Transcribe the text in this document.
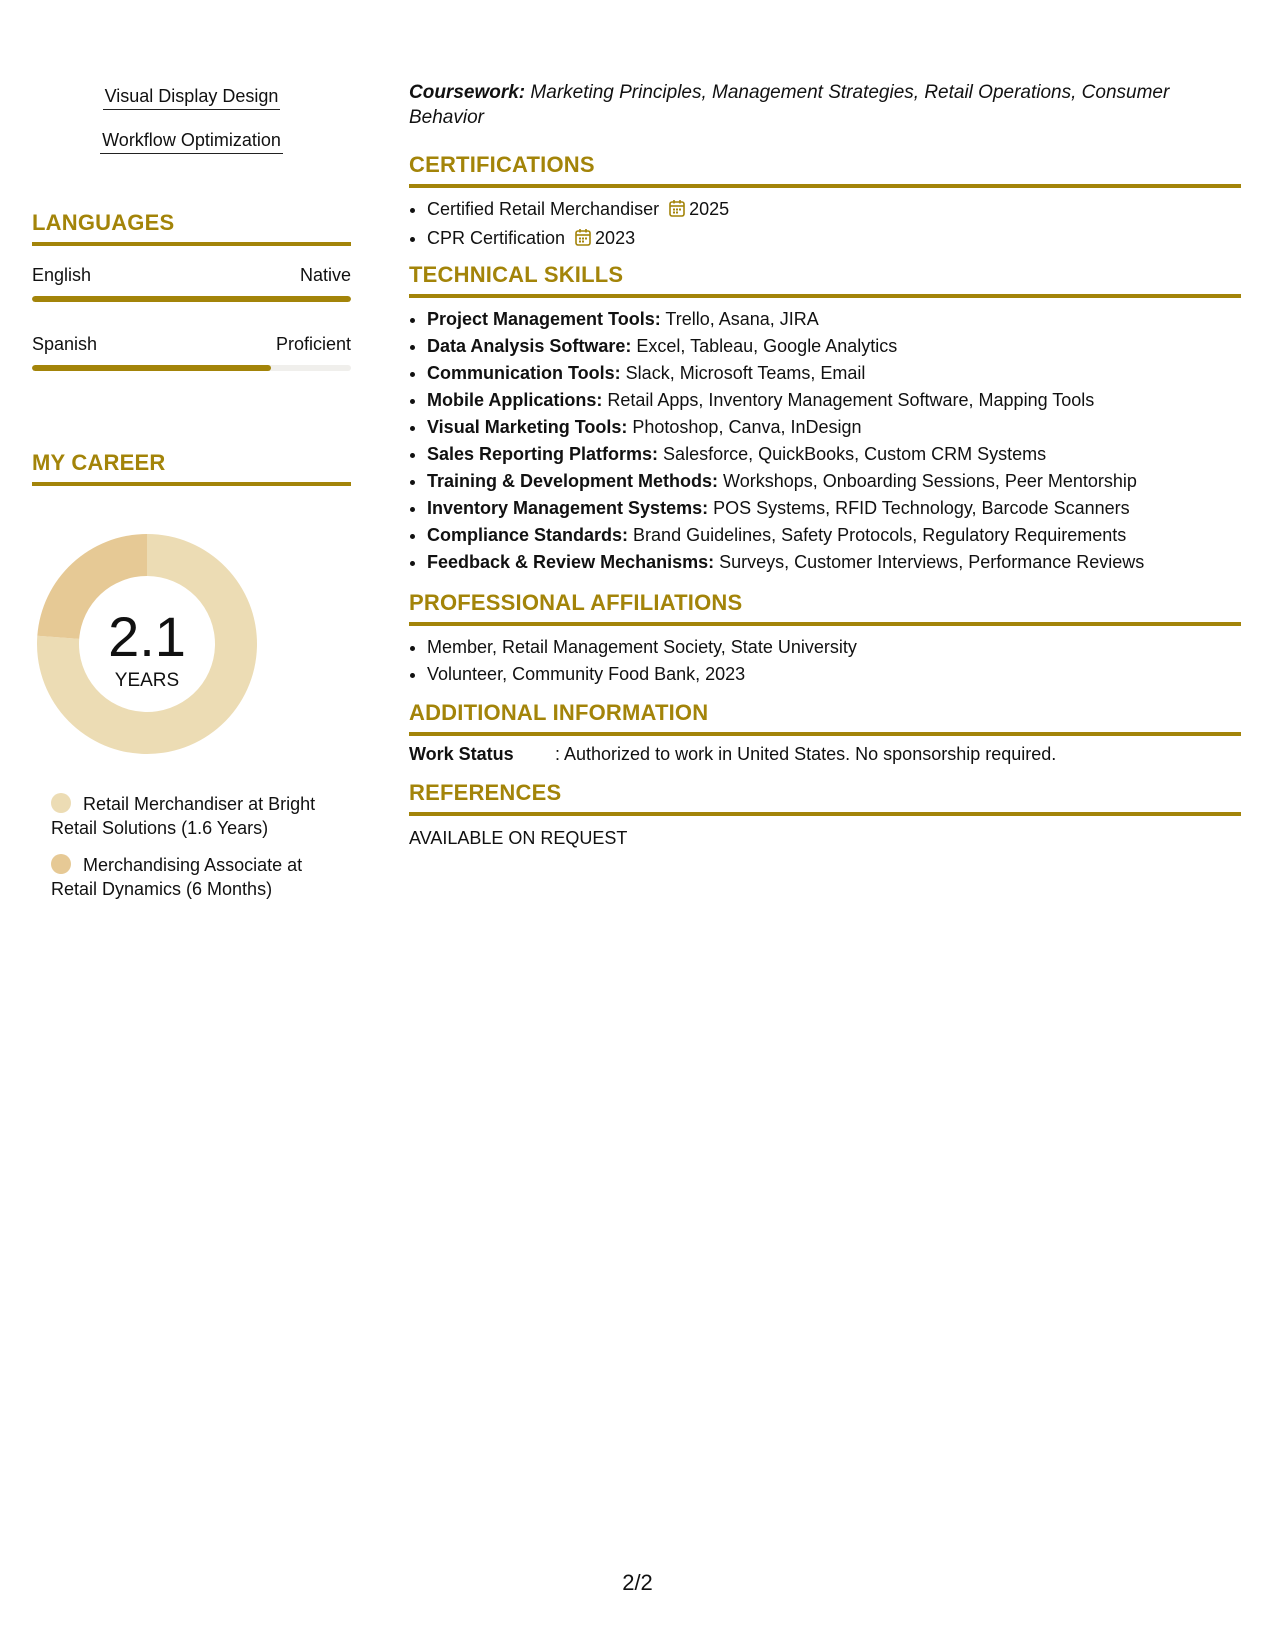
Visual Display Design
Workflow Optimization
LANGUAGES
English	Native
Spanish	Proficient
MY CAREER
2.1
YEARS
Retail Merchandiser at Bright Retail Solutions (1.6 Years)
Merchandising Associate at Retail Dynamics (6 Months)
Coursework: Marketing Principles, Management Strategies, Retail Operations, Consumer Behavior
CERTIFICATIONS
• Certified Retail Merchandiser 2025
• CPR Certification 2023
TECHNICAL SKILLS
• Project Management Tools: Trello, Asana, JIRA
• Data Analysis Software: Excel, Tableau, Google Analytics
• Communication Tools: Slack, Microsoft Teams, Email
• Mobile Applications: Retail Apps, Inventory Management Software, Mapping Tools
• Visual Marketing Tools: Photoshop, Canva, InDesign
• Sales Reporting Platforms: Salesforce, QuickBooks, Custom CRM Systems
• Training & Development Methods: Workshops, Onboarding Sessions, Peer Mentorship
• Inventory Management Systems: POS Systems, RFID Technology, Barcode Scanners
• Compliance Standards: Brand Guidelines, Safety Protocols, Regulatory Requirements
• Feedback & Review Mechanisms: Surveys, Customer Interviews, Performance Reviews
PROFESSIONAL AFFILIATIONS
• Member, Retail Management Society, State University
• Volunteer, Community Food Bank, 2023
ADDITIONAL INFORMATION
Work Status	: Authorized to work in United States. No sponsorship required.
REFERENCES
AVAILABLE ON REQUEST
2/2
